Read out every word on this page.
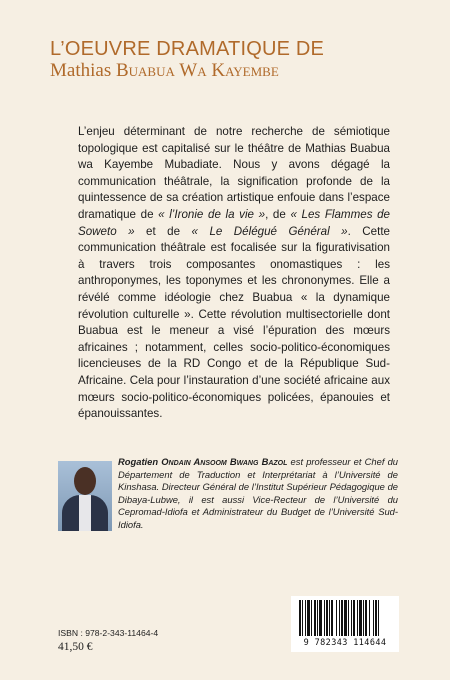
L’OEUVRE DRAMATIQUE DE
Mathias Buabua Wa Kayembe

L’enjeu déterminant de notre recherche de sémiotique topologique est capitalisé sur le théâtre de Mathias Buabua wa Kayembe Mubadiate. Nous y avons dégagé la communication théâtrale, la signification profonde de la quintessence de sa création artistique enfouie dans l’espace dramatique de « l’Ironie de la vie », de « Les Flammes de Soweto » et de « Le Délégué Général ». Cette communication théâtrale est focalisée sur la figurativisation à travers trois composantes onomastiques : les anthroponymes, les toponymes et les chrononymes. Elle a révélé comme idéologie chez Buabua « la dynamique révolution culturelle ». Cette révolution multisectorielle dont Buabua est le meneur a visé l’épuration des mœurs africaines ; notamment, celles socio-politico-économiques licencieuses de la RD Congo et de la République Sud-Africaine. Cela pour l’instauration d’une société africaine aux mœurs socio-politico-économiques policées, épanouies et épanouissantes.

Rogatien Ondain Ansoom Bwang Bazol est professeur et Chef du Département de Traduction et Interprétariat à l’Université de Kinshasa. Directeur Général de l’Institut Supérieur Pédagogique de Dibaya-Lubwe, il est aussi Vice-Recteur de l’Université du Cepromad-Idiofa et Administrateur du Budget de l’Université Sud-Idiofa.
9 782343 114644
ISBN : 978-2-343-11464-4
41,50 €
